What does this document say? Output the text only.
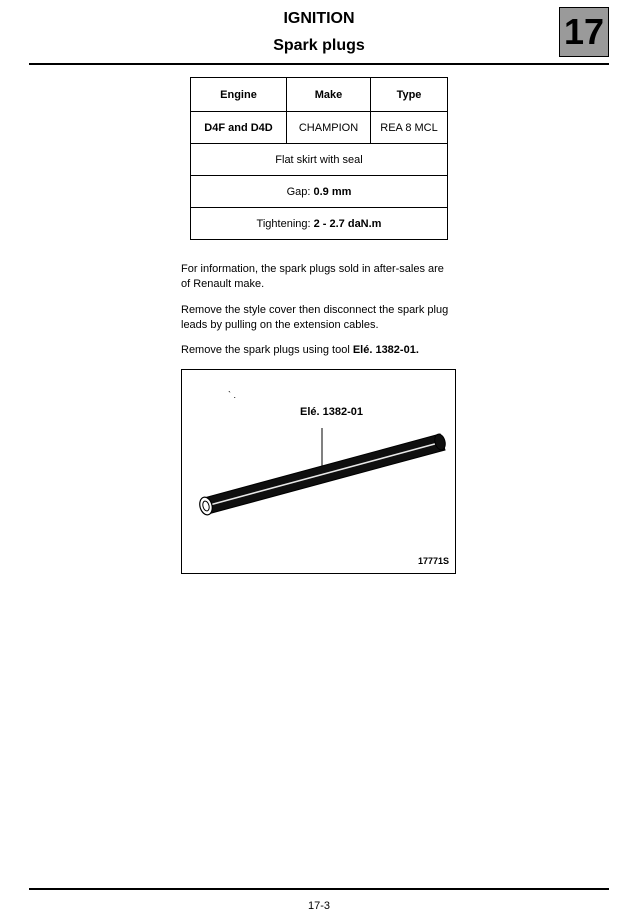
IGNITION
Spark plugs	17
Engine	Make	Type
D4F and D4D	CHAMPION	REA 8 MCL
Flat skirt with seal		
Gap: 0.9 mm		
Tightening: 2 - 2.7 daN.m		
For information, the spark plugs sold in after-sales are
of Renault make.
Remove the style cover then disconnect the spark plug
leads by pulling on the extension cables.
Remove the spark plugs using tool Elé. 1382-01.
` .
Elé. 1382-01
17771S
17-3
